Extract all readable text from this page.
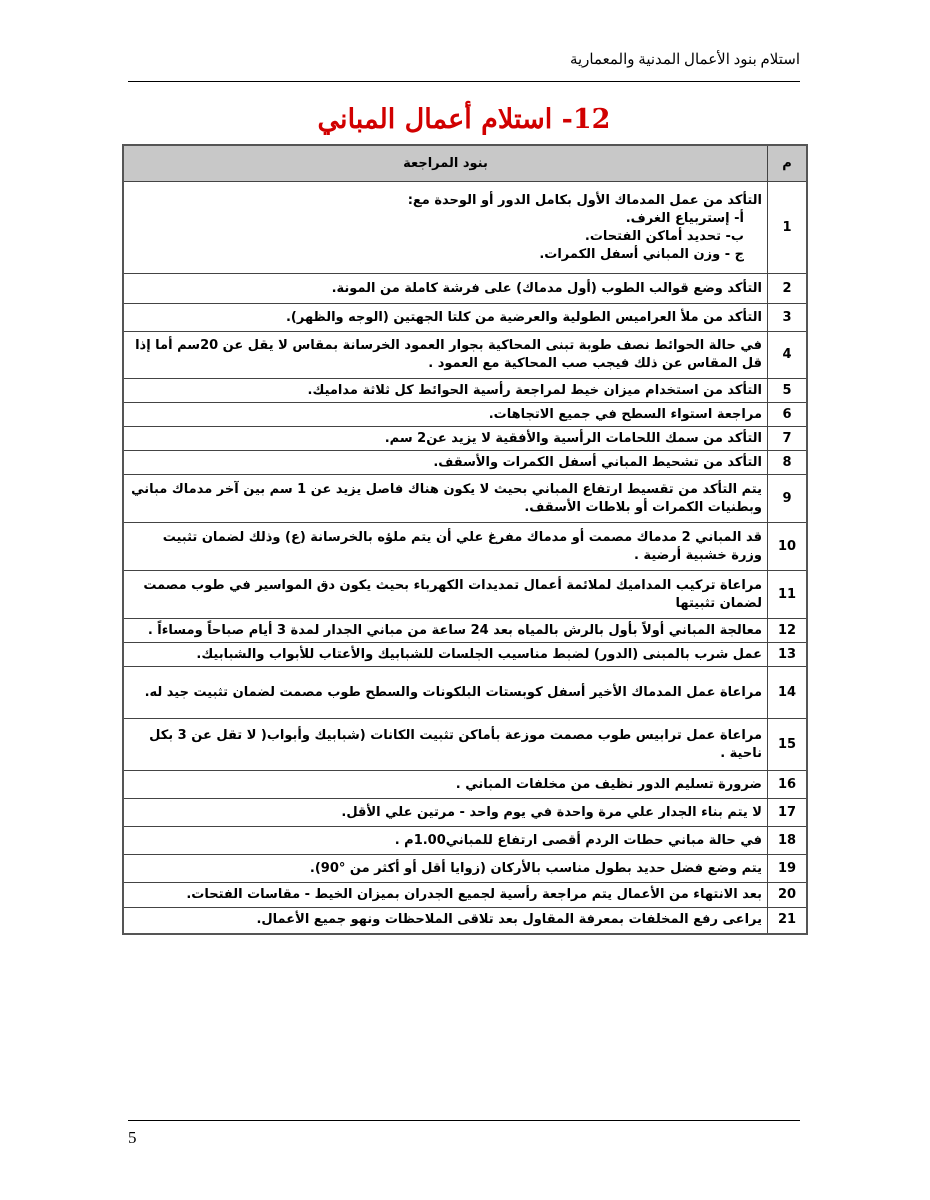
استلام بنود الأعمال المدنية والمعمارية
12- استلام أعمال المباني
م	بنود المراجعة
1	التأكد من عمل المدماك الأول بكامل الدور أو الوحدة مع:
أ- إستربياع الغرف.
ب- تحديد أماكن الفتحات.
ج - وزن المباني أسفل الكمرات.

2	التأكد وضع قوالب الطوب (أول مدماك) على فرشة كاملة من المونة.
3	التأكد من ملأ العراميس الطولية والعرضية من كلتا الجهتين (الوجه والظهر).
4	في حالة الحوائط نصف طوبة تبنى المحاكية بجوار العمود الخرسانة بمقاس لا يقل عن 20سم أما إذا قل المقاس عن ذلك فيجب صب المحاكية مع العمود .
5	التأكد من استخدام ميزان خيط لمراجعة رأسية الحوائط كل ثلاثة مداميك.
6	مراجعة استواء السطح في جميع الاتجاهات.
7	التأكد من سمك اللحامات الرأسية والأفقية لا يزيد عن2 سم.
8	التأكد من تشحيط المباني أسفل الكمرات والأسقف.
9	يتم التأكد من تقسيط ارتفاع المباني بحيث لا يكون هناك فاصل يزيد عن 1 سم بين آخر مدماك مباني وبطنيات الكمرات أو بلاطات الأسقف.
10	قد المباني 2 مدماك مصمت أو مدماك مفرغ علي أن يتم ملؤه بالخرسانة (ع) وذلك لضمان تثبيت وزرة خشبية أرضية .
11	مراعاة تركيب المداميك لملائمة أعمال تمديدات الكهرباء بحيث يكون دق المواسير في طوب مصمت لضمان تثبيتها
12	معالجة المباني أولاً بأول بالرش بالمياه بعد 24 ساعة من مباني الجدار لمدة 3 أيام صباحاً ومساءاً .
13	عمل شرب بالمبنى (الدور) لضبط مناسيب الجلسات للشبابيك والأعتاب للأبواب والشبابيك.
14	مراعاة عمل المدماك الأخير أسفل كوبستات البلكونات والسطح طوب مصمت لضمان تثبيت جيد له.
15	مراعاة عمل ترابيس طوب مصمت موزعة بأماكن تثبيت الكانات (شبابيك وأبواب( لا تقل عن 3 بكل ناحية .
16	ضرورة تسليم الدور نظيف من مخلفات المباني .
17	لا يتم بناء الجدار علي مرة واحدة في يوم واحد - مرتين علي الأقل.
18	في حالة مباني حطات الردم أقصى ارتفاع للمباني1.00م .
19	يتم وضع فضل حديد بطول مناسب بالأركان (زوايا أقل أو أكثر من °90).
20	بعد الانتهاء من الأعمال يتم مراجعة رأسية لجميع الجدران بميزان الخيط - مقاسات الفتحات.
21	يراعى رفع المخلفات بمعرفة المقاول بعد تلاقى الملاحظات ونهو جميع الأعمال.
5
